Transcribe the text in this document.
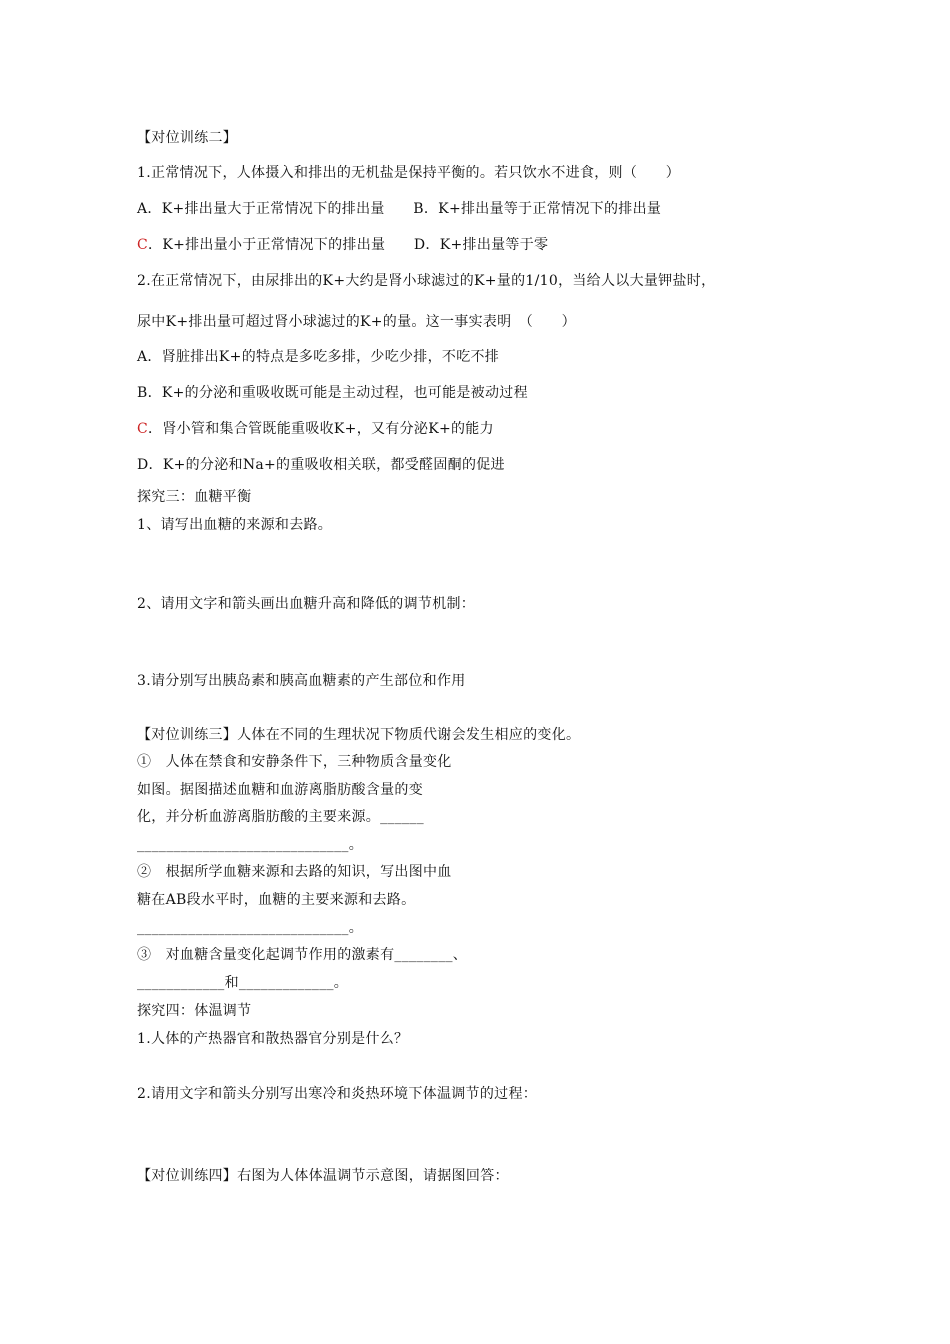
【对位训练二】
1.正常情况下，人体摄入和排出的无机盐是保持平衡的。若只饮水不进食，则（　　）
A．K+排出量大于正常情况下的排出量　　B．K+排出量等于正常情况下的排出量
C．K+排出量小于正常情况下的排出量　　D．K+排出量等于零
2.在正常情况下，由尿排出的K+大约是肾小球滤过的K+量的1/10，当给人以大量钾盐时，
尿中K+排出量可超过肾小球滤过的K+的量。这一事实表明　（　　）
A．肾脏排出K+的特点是多吃多排，少吃少排，不吃不排
B．K+的分泌和重吸收既可能是主动过程，也可能是被动过程
C．肾小管和集合管既能重吸收K+，又有分泌K+的能力
D．K+的分泌和Na+的重吸收相关联，都受醛固酮的促进
探究三：血糖平衡
1、请写出血糖的来源和去路。
2、请用文字和箭头画出血糖升高和降低的调节机制：
3.请分别写出胰岛素和胰高血糖素的产生部位和作用
【对位训练三】人体在不同的生理状况下物质代谢会发生相应的变化。
①　人体在禁食和安静条件下，三种物质含量变化
如图。据图描述血糖和血游离脂肪酸含量的变
化，并分析血游离脂肪酸的主要来源。______
_____________________________。
②　根据所学血糖来源和去路的知识，写出图中血
糖在AB段水平时，血糖的主要来源和去路。
_____________________________。
③　对血糖含量变化起调节作用的激素有________、
____________和_____________。
探究四：体温调节
1.人体的产热器官和散热器官分别是什么？
2.请用文字和箭头分别写出寒冷和炎热环境下体温调节的过程：
【对位训练四】右图为人体体温调节示意图，请据图回答：
